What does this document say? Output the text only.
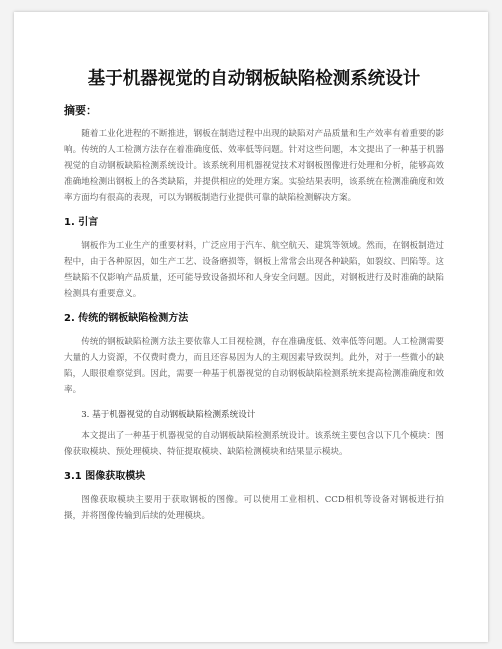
基于机器视觉的自动钢板缺陷检测系统设计
摘要：

随着工业化进程的不断推进，钢板在制造过程中出现的缺陷对产品质量和生产效率有着重要的影响。传统的人工检测方法存在着准确度低、效率低等问题。针对这些问题，本文提出了一种基于机器视觉的自动钢板缺陷检测系统设计。该系统利用机器视觉技术对钢板图像进行处理和分析，能够高效准确地检测出钢板上的各类缺陷，并提供相应的处理方案。实验结果表明，该系统在检测准确度和效率方面均有很高的表现，可以为钢板制造行业提供可靠的缺陷检测解决方案。

1. 引言

钢板作为工业生产的重要材料，广泛应用于汽车、航空航天、建筑等领域。然而，在钢板制造过程中，由于各种原因，如生产工艺、设备磨损等，钢板上常常会出现各种缺陷，如裂纹、凹陷等。这些缺陷不仅影响产品质量，还可能导致设备损坏和人身安全问题。因此，对钢板进行及时准确的缺陷检测具有重要意义。

2. 传统的钢板缺陷检测方法

传统的钢板缺陷检测方法主要依靠人工目视检测，存在准确度低、效率低等问题。人工检测需要大量的人力资源，不仅费时费力，而且还容易因为人的主观因素导致误判。此外，对于一些微小的缺陷，人眼很难察觉到。因此，需要一种基于机器视觉的自动钢板缺陷检测系统来提高检测准确度和效率。

3. 基于机器视觉的自动钢板缺陷检测系统设计

本文提出了一种基于机器视觉的自动钢板缺陷检测系统设计。该系统主要包含以下几个模块：图像获取模块、预处理模块、特征提取模块、缺陷检测模块和结果显示模块。

3.1 图像获取模块

图像获取模块主要用于获取钢板的图像。可以使用工业相机、CCD相机等设备对钢板进行拍摄，并将图像传输到后续的处理模块。
